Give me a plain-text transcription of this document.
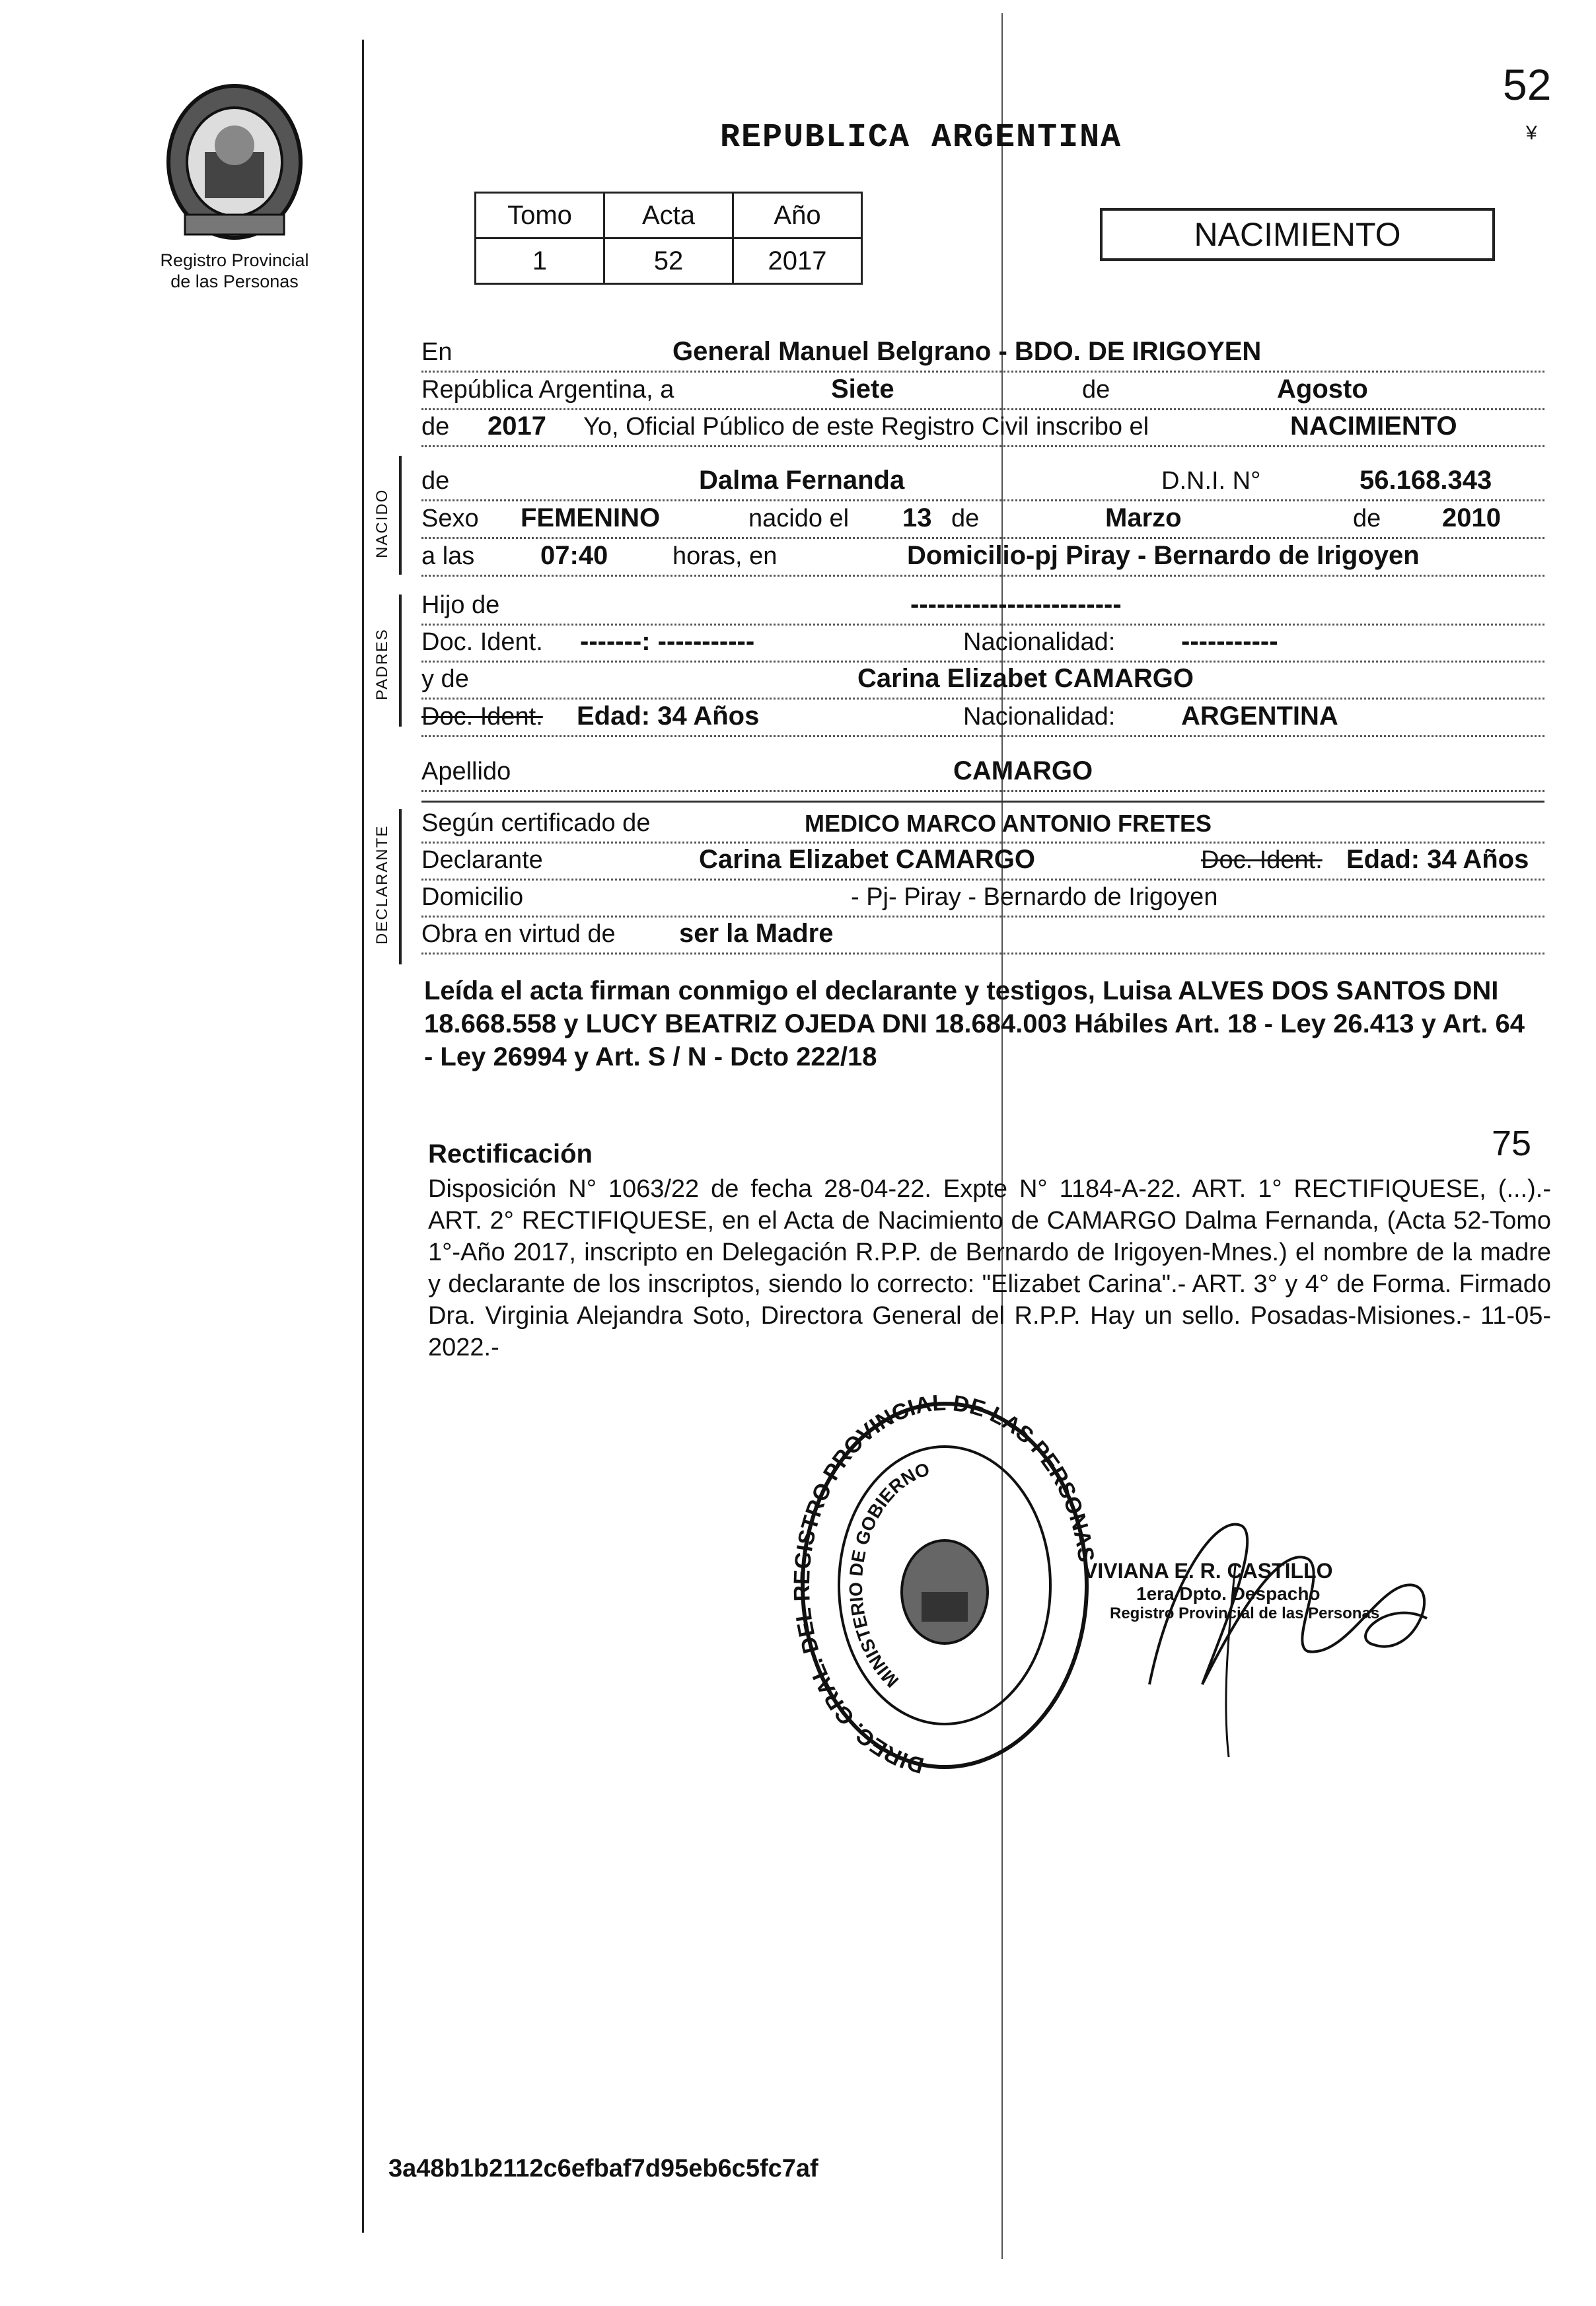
Registro Provincial
de las Personas
REPUBLICA ARGENTINA
52
¥
Tomo	Acta	Año
1	52	2017
NACIMIENTO
En	General Manuel Belgrano - BDO. DE IRIGOYEN
República Argentina, a	Siete	de	Agosto
de 2017 Yo, Oficial Público de este Registro Civil inscribo el	NACIMIENTO
NACIDO
de	Dalma Fernanda	D.N.I. N°	56.168.343
Sexo FEMENINO	nacido el 13 de	Marzo	de 2010
a las 07:40	horas, en	Domicilio-pj Piray - Bernardo de Irigoyen
PADRES
Hijo de	------------------------
Doc. Ident. -------: -----------	Nacionalidad: -----------
y de	Carina Elizabet CAMARGO
Doc. Ident. Edad: 34 Años	Nacionalidad: ARGENTINA
Apellido	CAMARGO
DECLARANTE
Según certificado de	MEDICO MARCO ANTONIO FRETES
Declarante	Carina Elizabet CAMARGO	Doc. Ident. Edad: 34 Años
Domicilio	- Pj- Piray - Bernardo de Irigoyen
Obra en virtud de ser la Madre
Leída el acta firman conmigo el declarante y testigos, Luisa ALVES DOS SANTOS DNI 18.668.558 y LUCY BEATRIZ OJEDA DNI 18.684.003 Hábiles Art. 18 - Ley 26.413 y Art. 64 - Ley 26994 y Art. S / N - Dcto 222/18
Rectificación	75
Disposición N° 1063/22 de fecha 28-04-22. Expte N° 1184-A-22. ART. 1° RECTIFIQUESE, (...).- ART. 2° RECTIFIQUESE, en el Acta de Nacimiento de CAMARGO Dalma Fernanda, (Acta 52-Tomo 1°-Año 2017, inscripto en Delegación R.P.P. de Bernardo de Irigoyen-Mnes.) el nombre de la madre y declarante de los inscriptos, siendo lo correcto: "Elizabet Carina".- ART. 3° y 4° de Forma. Firmado Dra. Virginia Alejandra Soto, Directora General del R.P.P. Hay un sello. Posadas-Misiones.- 11-05-2022.-
DIREC. GRAL. DEL ISTRO PROVINCIAL DE LAS PERSONAS
MINISTERIO DE GOBIERNO
VIVIANA E. R. CASTILLO
1era Dpto. Despacho
Registro Provincial de las Personas
3a48b1b2112c6efbaf7d95eb6c5fc7af
